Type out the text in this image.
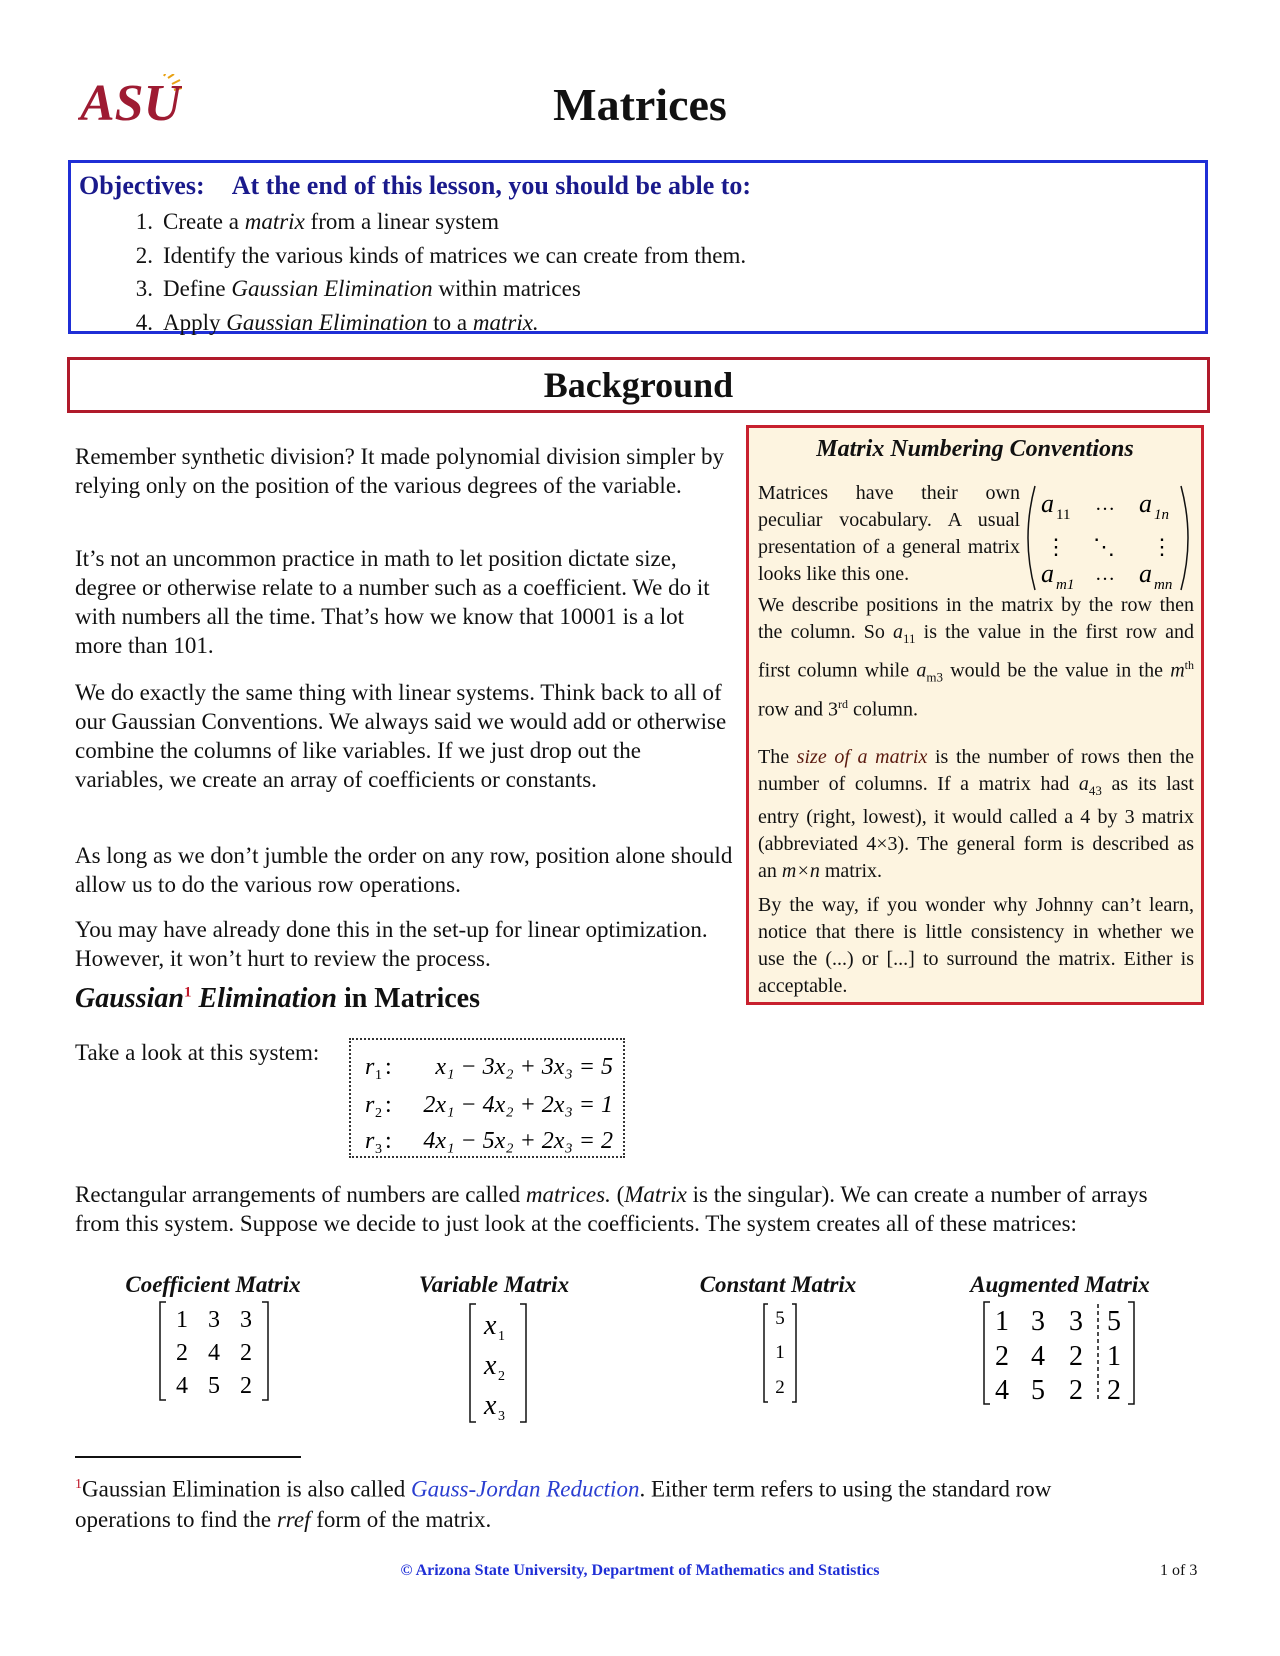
ASU	Matrices
Objectives: At the end of this lesson, you should be able to:
1. Create a matrix from a linear system
2. Identify the various kinds of matrices we can create from them.
3. Define Gaussian Elimination within matrices
4. Apply Gaussian Elimination to a matrix.
Background

Remember synthetic division? It made polynomial division simpler by relying only on the position of the various degrees of the variable.

It’s not an uncommon practice in math to let position dictate size, degree or otherwise relate to a number such as a coefficient. We do it with numbers all the time. That’s how we know that 10001 is a lot more than 101.

We do exactly the same thing with linear systems. Think back to all of our Gaussian Conventions. We always said we would add or otherwise combine the columns of like variables. If we just drop out the variables, we create an array of coefficients or constants.

As long as we don’t jumble the order on any row, position alone should allow us to do the various row operations.

You may have already done this in the set-up for linear optimization. However, it won’t hurt to review the process.

Matrix Numbering Conventions

Matrices have their own peculiar vocabulary. A usual presentation of a general matrix looks like this one.

a 11 … a 1n
⋮ ⋱ ⋮
a m1 … a mn

We describe positions in the matrix by the row then the column. So $a_{11}$ is the value in the first row and first column while $a_{m3}$ would be the value in the $m^{th}$ row and 3rd column.

The size of a matrix is the number of rows then the number of columns. If a matrix had $a_{43}$ as its last entry (right, lowest), it would called a 4 by 3 matrix (abbreviated 4×3). The general form is described as an m×n matrix.

By the way, if you wonder why Johnny can’t learn, notice that there is little consistency in whether we use the (...) or [...] to surround the matrix. Either is acceptable.

Gaussian$^1$ Elimination in Matrices
Take a look at this system:
r 1 : x₁ − 3x₂ + 3x₃ = 5
r 2 : 2x₁ − 4x₂ + 2x₃ = 1
r 3 : 4x₁ − 5x₂ + 2x₃ = 2

Rectangular arrangements of numbers are called matrices. (Matrix is the singular). We can create a number of arrays from this system. Suppose we decide to just look at the coefficients. The system creates all of these matrices:

Coefficient Matrix	Variable Matrix	Constant Matrix	Augmented Matrix
1 3 3
2 4 2
4 5 2
x 1
x 2
x 3
5
1
2
1 3 3 5
2 4 2 1
4 5 2 2
$^1$Gaussian Elimination is also called Gauss-Jordan Reduction. Either term refers to using the standard row operations to find the rref form of the matrix.
© Arizona State University, Department of Mathematics and Statistics	1 of 3
